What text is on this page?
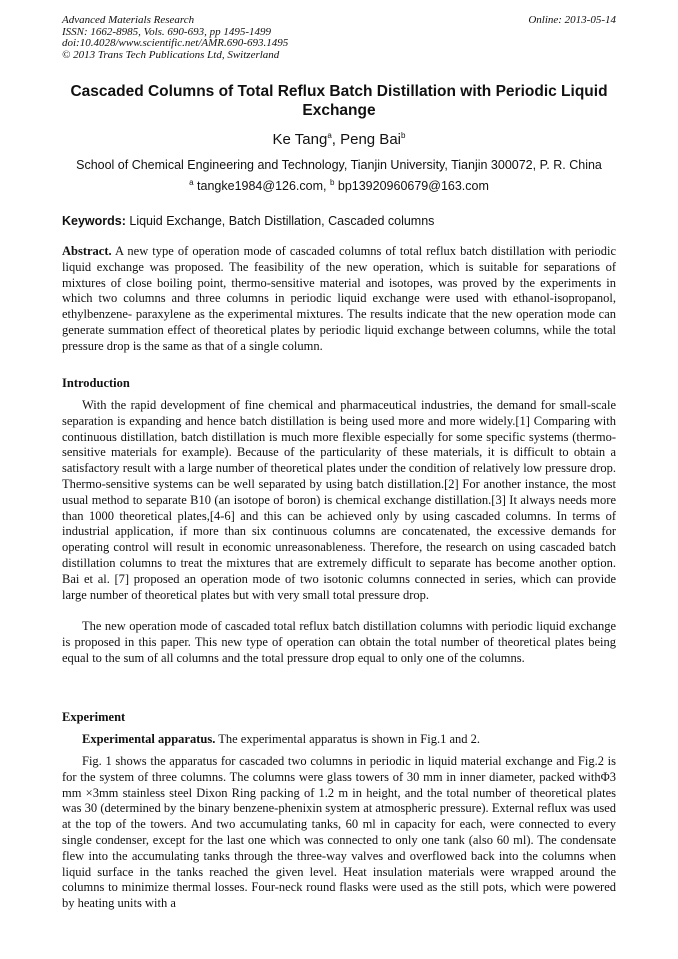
Advanced Materials Research
ISSN: 1662-8985, Vols. 690-693, pp 1495-1499
doi:10.4028/www.scientific.net/AMR.690-693.1495
© 2013 Trans Tech Publications Ltd, Switzerland
Online: 2013-05-14
Cascaded Columns of Total Reflux Batch Distillation with Periodic Liquid Exchange
Ke Tang$^a$, Peng Bai$^b$
School of Chemical Engineering and Technology, Tianjin University, Tianjin 300072, P. R. China
$^a$ tangke1984@126.com, $^b$ bp13920960679@163.com
Keywords: Liquid Exchange, Batch Distillation, Cascaded columns
Abstract. A new type of operation mode of cascaded columns of total reflux batch distillation with periodic liquid exchange was proposed. The feasibility of the new operation, which is suitable for separations of mixtures of close boiling point, thermo-sensitive material and isotopes, was proved by the experiments in which two columns and three columns in periodic liquid exchange were used with ethanol-isopropanol, ethylbenzene- paraxylene as the experimental mixtures. The results indicate that the new operation mode can generate summation effect of theoretical plates by periodic liquid exchange between columns, while the total pressure drop is the same as that of a single column.
Introduction
With the rapid development of fine chemical and pharmaceutical industries, the demand for small-scale separation is expanding and hence batch distillation is being used more and more widely.[1] Comparing with continuous distillation, batch distillation is much more flexible especially for some specific systems (thermo-sensitive materials for example). Because of the particularity of these materials, it is difficult to obtain a satisfactory result with a large number of theoretical plates under the condition of relatively low pressure drop. Thermo-sensitive systems can be well separated by using batch distillation.[2] For another instance, the most usual method to separate B10 (an isotope of boron) is chemical exchange distillation.[3] It always needs more than 1000 theoretical plates,[4-6] and this can be achieved only by using cascaded columns. In terms of industrial application, if more than six continuous columns are concatenated, the excessive demands for operating control will result in economic unreasonableness. Therefore, the research on using cascaded batch distillation columns to treat the mixtures that are extremely difficult to separate has become another option. Bai et al. [7] proposed an operation mode of two isotonic columns connected in series, which can provide large number of theoretical plates but with very small total pressure drop.
The new operation mode of cascaded total reflux batch distillation columns with periodic liquid exchange is proposed in this paper. This new type of operation can obtain the total number of theoretical plates being equal to the sum of all columns and the total pressure drop equal to only one of the columns.
Experiment
Experimental apparatus. The experimental apparatus is shown in Fig.1 and 2.
Fig. 1 shows the apparatus for cascaded two columns in periodic in liquid material exchange and Fig.2 is for the system of three columns. The columns were glass towers of 30 mm in inner diameter, packed withΦ3 mm ×3mm stainless steel Dixon Ring packing of 1.2 m in height, and the total number of theoretical plates was 30 (determined by the binary benzene-phenixin system at atmospheric pressure). External reflux was used at the top of the towers. And two accumulating tanks, 60 ml in capacity for each, were connected to every single condenser, except for the last one which was connected to only one tank (also 60 ml). The condensate flew into the accumulating tanks through the three-way valves and overflowed back into the columns when liquid surface in the tanks reached the given level. Heat insulation materials were wrapped around the columns to minimize thermal losses. Four-neck round flasks were used as the still pots, which were powered by heating units with a
